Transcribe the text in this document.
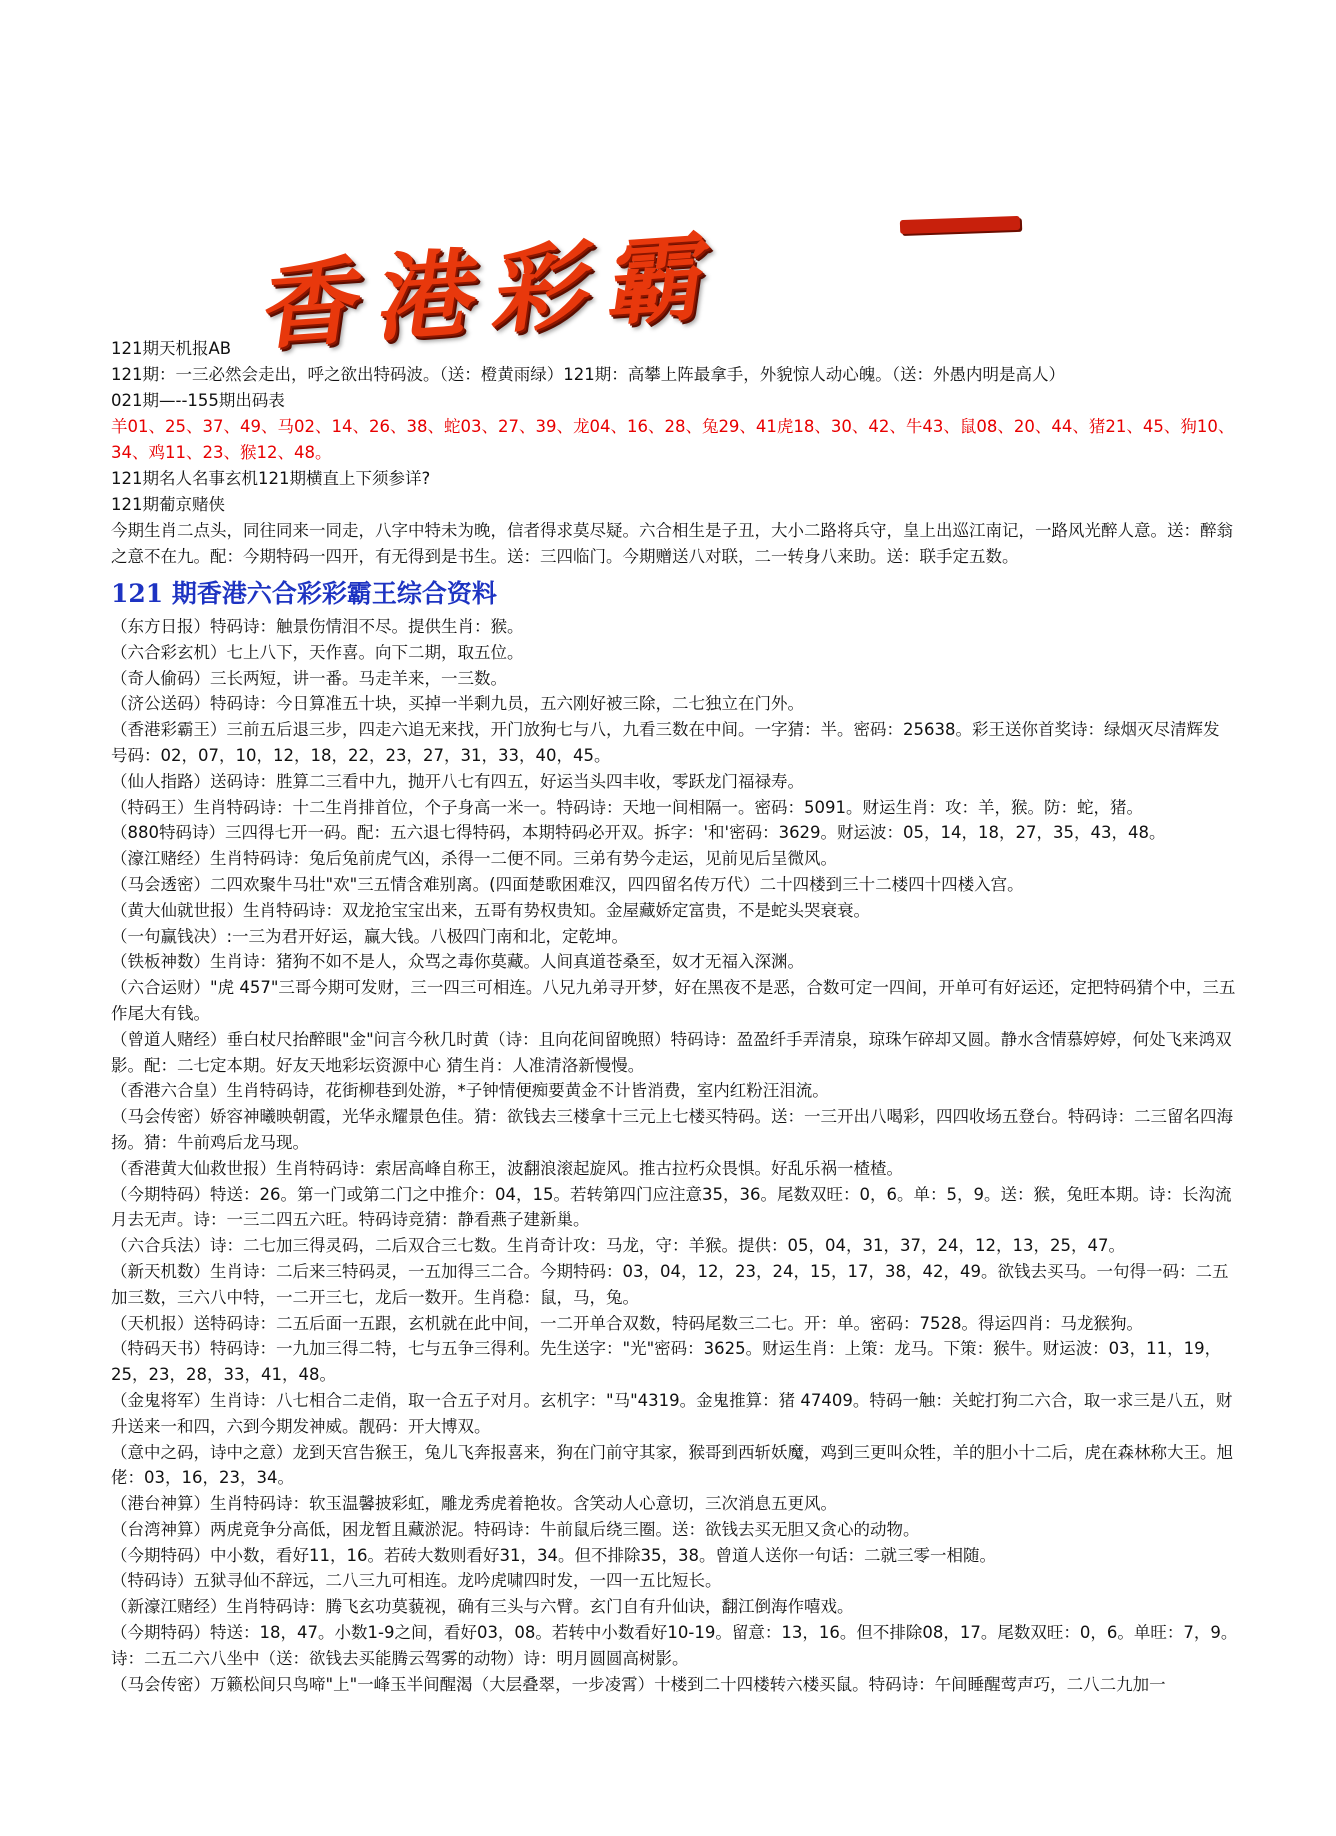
香港彩霸

121期天机报AB

121期：一三必然会走出，呼之欲出特码波。（送：橙黄雨绿）121期：高攀上阵最拿手，外貌惊人动心魄。（送：外愚内明是高人）

021期—--155期出码表

羊01、25、37、49、马02、14、26、38、蛇03、27、39、龙04、16、28、兔29、41虎18、30、42、牛43、鼠08、20、44、猪21、45、狗10、34、鸡11、23、猴12、48。

121期名人名事玄机121期横直上下须参详?

121期葡京赌侠

今期生肖二点头，同往同来一同走，八字中特未为晚，信者得求莫尽疑。六合相生是子丑，大小二路将兵守，皇上出巡江南记，一路风光醉人意。送：醉翁之意不在九。配：今期特码一四开，有无得到是书生。送：三四临门。今期赠送八对联，二一转身八来助。送：联手定五数。

121 期香港六合彩彩霸王综合资料

（东方日报）特码诗：触景伤情泪不尽。提供生肖：猴。

（六合彩玄机）七上八下，天作喜。向下二期，取五位。

（奇人偷码）三长两短，讲一番。马走羊来，一三数。

（济公送码）特码诗：今日算准五十块，买掉一半剩九员，五六刚好被三除，二七独立在门外。

（香港彩霸王）三前五后退三步，四走六追无来找，开门放狗七与八，九看三数在中间。一字猜：半。密码：25638。彩王送你首奖诗：绿烟灭尽清辉发 号码：02，07，10，12，18，22，23，27，31，33，40，45。

（仙人指路）送码诗：胜算二三看中九，抛开八七有四五，好运当头四丰收，零跃龙门福禄寿。

（特码王）生肖特码诗：十二生肖排首位，个子身高一米一。特码诗：天地一间相隔一。密码：5091。财运生肖：攻：羊，猴。防：蛇，猪。

（880特码诗）三四得七开一码。配：五六退七得特码，本期特码必开双。拆字：'和'密码：3629。财运波：05，14，18，27，35，43，48。

（濠江赌经）生肖特码诗：兔后兔前虎气凶，杀得一二便不同。三弟有势今走运，见前见后呈微风。

（马会透密）二四欢聚牛马壮"欢"三五情含难别离。(四面楚歌困难汉，四四留名传万代）二十四楼到三十二楼四十四楼入宫。

（黄大仙就世报）生肖特码诗：双龙抢宝宝出来，五哥有势权贵知。金屋藏娇定富贵，不是蛇头哭衰衰。

（一句赢钱决）:一三为君开好运，赢大钱。八极四门南和北，定乾坤。

（铁板神数）生肖诗：猪狗不如不是人，众骂之毒你莫藏。人间真道苍桑至，奴才无福入深渊。

（六合运财）"虎 457"三哥今期可发财，三一四三可相连。八兄九弟寻开梦，好在黑夜不是恶，合数可定一四间，开单可有好运还，定把特码猜个中，三五作尾大有钱。

（曾道人赌经）垂白杖尺抬醉眼"金"问言今秋几时黄（诗：且向花间留晚照）特码诗：盈盈纤手弄清泉，琼珠乍碎却又圆。静水含情慕婷婷，何处飞来鸿双影。配：二七定本期。好友天地彩坛资源中心 猜生肖：人准清洛新慢慢。

（香港六合皇）生肖特码诗，花街柳巷到处游，*子钟情便痴要黄金不计皆消费，室内红粉汪泪流。

（马会传密）娇容神曦映朝霞，光华永耀景色佳。猜：欲钱去三楼拿十三元上七楼买特码。送：一三开出八喝彩，四四收场五登台。特码诗：二三留名四海扬。猜：牛前鸡后龙马现。

（香港黄大仙救世报）生肖特码诗：索居高峰自称王，波翻浪滚起旋风。推古拉朽众畏惧。好乱乐祸一楂楂。

（今期特码）特送：26。第一门或第二门之中推介：04，15。若转第四门应注意35，36。尾数双旺：0，6。单：5，9。送：猴，兔旺本期。诗：长沟流月去无声。诗：一三二四五六旺。特码诗竞猜：静看燕子建新巢。

（六合兵法）诗：二七加三得灵码，二后双合三七数。生肖奇计攻：马龙，守：羊猴。提供：05，04，31，37，24，12，13，25，47。

（新天机数）生肖诗：二后来三特码灵，一五加得三二合。今期特码：03，04，12，23，24，15，17，38，42，49。欲钱去买马。一句得一码：二五加三数，三六八中特，一二开三七，龙后一数开。生肖稳：鼠，马，兔。

（天机报）送特码诗：二五后面一五跟，玄机就在此中间，一二开单合双数，特码尾数三二七。开：单。密码：7528。得运四肖：马龙猴狗。

（特码天书）特码诗：一九加三得二特，七与五争三得利。先生送字："光"密码：3625。财运生肖：上策：龙马。下策：猴牛。财运波：03，11，19，25，23，28，33，41，48。

（金鬼将军）生肖诗：八七相合二走俏，取一合五子对月。玄机字："马"4319。金鬼推算：猪 47409。特码一触：关蛇打狗二六合，取一求三是八五，财升送来一和四，六到今期发神威。靓码：开大博双。

（意中之码，诗中之意）龙到天宫告猴王，兔儿飞奔报喜来，狗在门前守其家，猴哥到西斩妖魔，鸡到三更叫众牲，羊的胆小十二后，虎在森林称大王。旭佬：03，16，23，34。

（港台神算）生肖特码诗：软玉温馨披彩虹，雕龙秀虎着艳妆。含笑动人心意切，三次消息五更风。

（台湾神算）两虎竟争分高低，困龙暂且藏淤泥。特码诗：牛前鼠后绕三圈。送：欲钱去买无胆又贪心的动物。

（今期特码）中小数，看好11，16。若砖大数则看好31，34。但不排除35，38。曾道人送你一句话：二就三零一相随。

（特码诗）五狱寻仙不辞远，二八三九可相连。龙吟虎啸四时发，一四一五比短长。

（新濠江赌经）生肖特码诗：腾飞玄功莫藐视，确有三头与六臂。玄门自有升仙诀，翻江倒海作嘻戏。

（今期特码）特送：18，47。小数1-9之间，看好03，08。若转中小数看好10-19。留意：13，16。但不排除08，17。尾数双旺：0，6。单旺：7，9。诗：二五二六八坐中（送：欲钱去买能腾云驾雾的动物）诗：明月圆圆高树影。

（马会传密）万籁松间只鸟啼"上"一峰玉半间醒渴（大层叠翠，一步凌霄）十楼到二十四楼转六楼买鼠。特码诗：午间睡醒莺声巧，二八二九加一
